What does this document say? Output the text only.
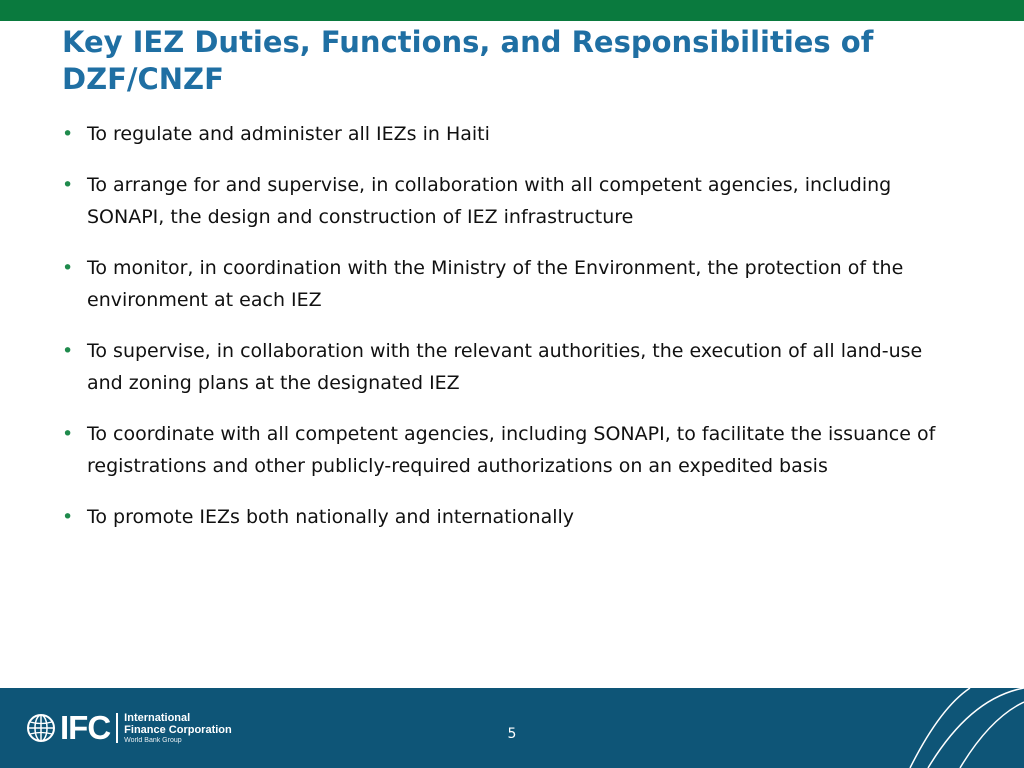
Key IEZ Duties, Functions, and Responsibilities of DZF/CNZF
• To regulate and administer all IEZs in Haiti
• To arrange for and supervise, in collaboration with all competent agencies, including SONAPI, the design and construction of IEZ infrastructure
• To monitor, in coordination with the Ministry of the Environment, the protection of the environment at each IEZ
• To supervise, in collaboration with the relevant authorities, the execution of all land-use and zoning plans at the designated IEZ
• To coordinate with all competent agencies, including SONAPI, to facilitate the issuance of registrations and other publicly-required authorizations on an expedited basis
• To promote IEZs both nationally and internationally
IFC International
Finance Corporation
World Bank Group	5
